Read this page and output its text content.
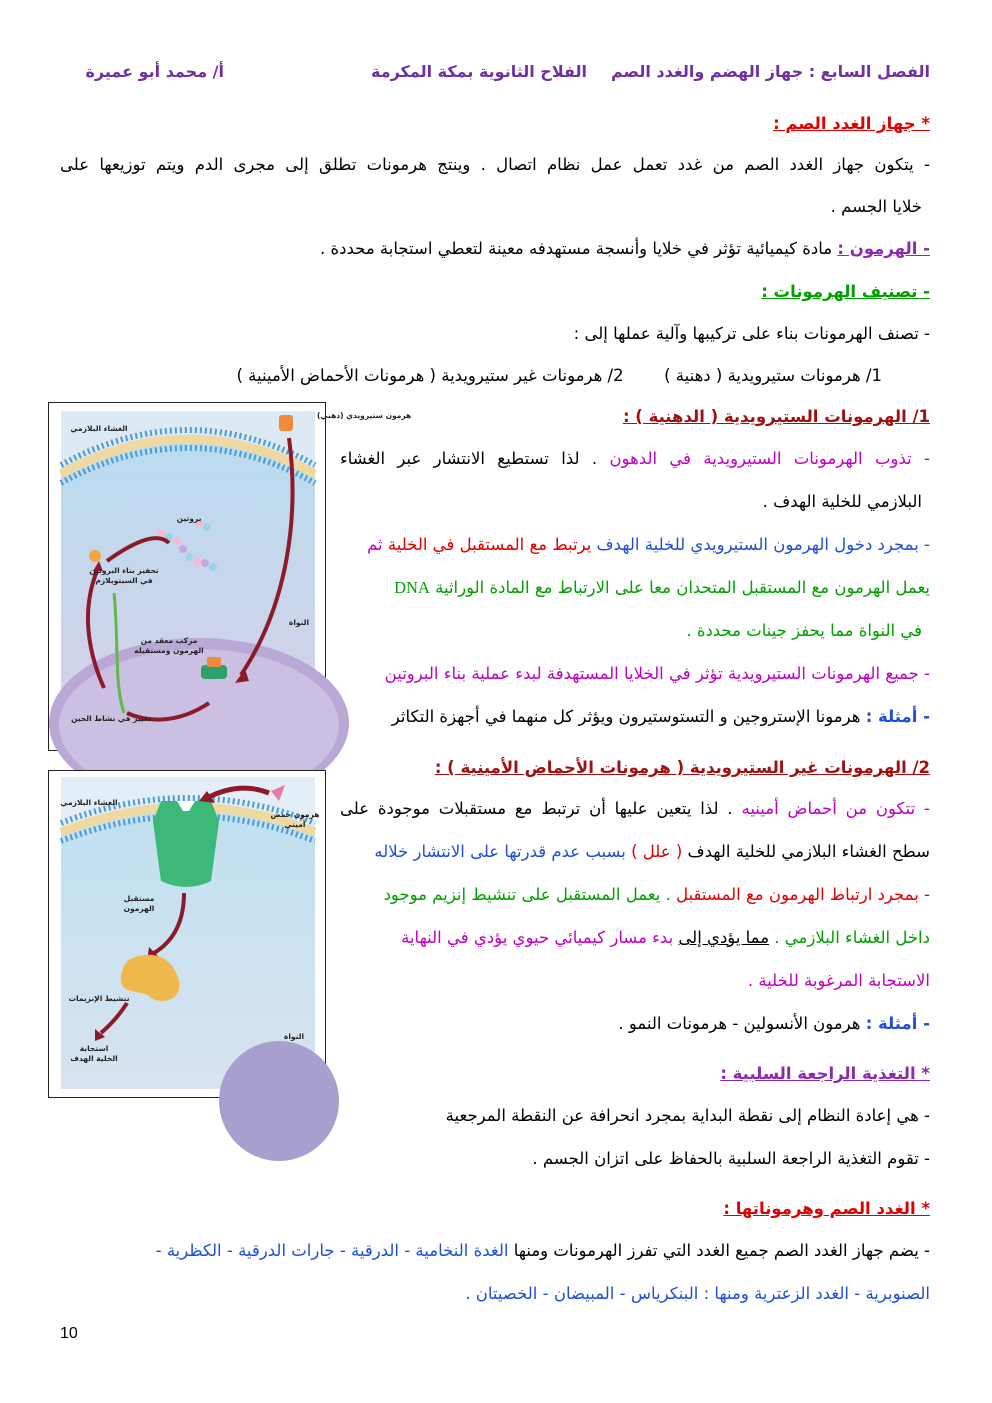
الفصل السابع : جهاز الهضم والغدد الصم
الفلاح الثانوية بمكة المكرمة
أ/ محمد أبو عميرة
* جهاز الغدد الصم :
- يتكون جهاز الغدد الصم من غدد تعمل عمل نظام اتصال . وينتج هرمونات تطلق إلى مجرى الدم ويتم توزيعها على
خلايا الجسم .
- الهرمون : مادة كيميائية تؤثر في خلايا وأنسجة مستهدفه معينة لتعطي استجابة محددة .
- تصنيف الهرمونات :
- تصنف الهرمونات بناء على تركيبها وآلية عملها إلى :
1/ هرمونات ستيرويدية ( دهنية )  2/ هرمونات غير ستيرويدية ( هرمونات الأحماض الأمينية )
هرمون ستيرويدي (دهني)
الغشاء البلازمي
بروتين
تحفيز بناء البروتين
في السيتوبلازم
النواة
مركب معقد من
الهرمون ومستقبله
تغيير في نشاط الجين
1/ الهرمونات الستيرويدية ( الدهنية ) :
- تذوب الهرمونات الستيرويدية في الدهون . لذا تستطيع الانتشار عبر الغشاء
البلازمي للخلية الهدف .
- بمجرد دخول الهرمون الستيرويدي للخلية الهدف يرتبط مع المستقبل في الخلية ثم
يعمل الهرمون مع المستقبل المتحدان معا على الارتباط مع المادة الوراثية DNA
في النواة مما يحفز جينات محددة .
- جميع الهرمونات الستيرويدية تؤثر في الخلايا المستهدفة لبدء عملية بناء البروتين
- أمثلة : هرمونا الإستروجين و التستوستيرون ويؤثر كل منهما في أجهزة التكاثر
الغشاء البلازمي
هرمون حمض
أميني
مستقبل
الهرمون
تنشيط الإنزيمات
النواة
استجابة
الخلية الهدف
2/ الهرمونات غير الستيرويدية ( هرمونات الأحماض الأمينية ) :
- تتكون من أحماض أمينيه . لذا يتعين عليها أن ترتبط مع مستقبلات موجودة على
سطح الغشاء البلازمي للخلية الهدف ( علل ) بسبب عدم قدرتها على الانتشار خلاله
- بمجرد ارتباط الهرمون مع المستقبل . يعمل المستقبل على تنشيط إنزيم موجود
داخل الغشاء البلازمي . مما يؤدي إلى بدء مسار كيميائي حيوي يؤدي في النهاية
الاستجابة المرغوبة للخلية .
- أمثلة : هرمون الأنسولين - هرمونات النمو .
* التغذية الراجعة السلبية :
- هي إعادة النظام إلى نقطة البداية بمجرد انحرافة عن النقطة المرجعية
- تقوم التغذية الراجعة السلبية بالحفاظ على اتزان الجسم .
* الغدد الصم وهرموناتها :
- يضم جهاز الغدد الصم جميع الغدد التي تفرز الهرمونات ومنها الغدة النخامية - الدرقية - جارات الدرقية - الكظرية -
الصنوبرية - الغدد الزعترية ومنها : البنكرياس - المبيضان - الخصيتان .
10
